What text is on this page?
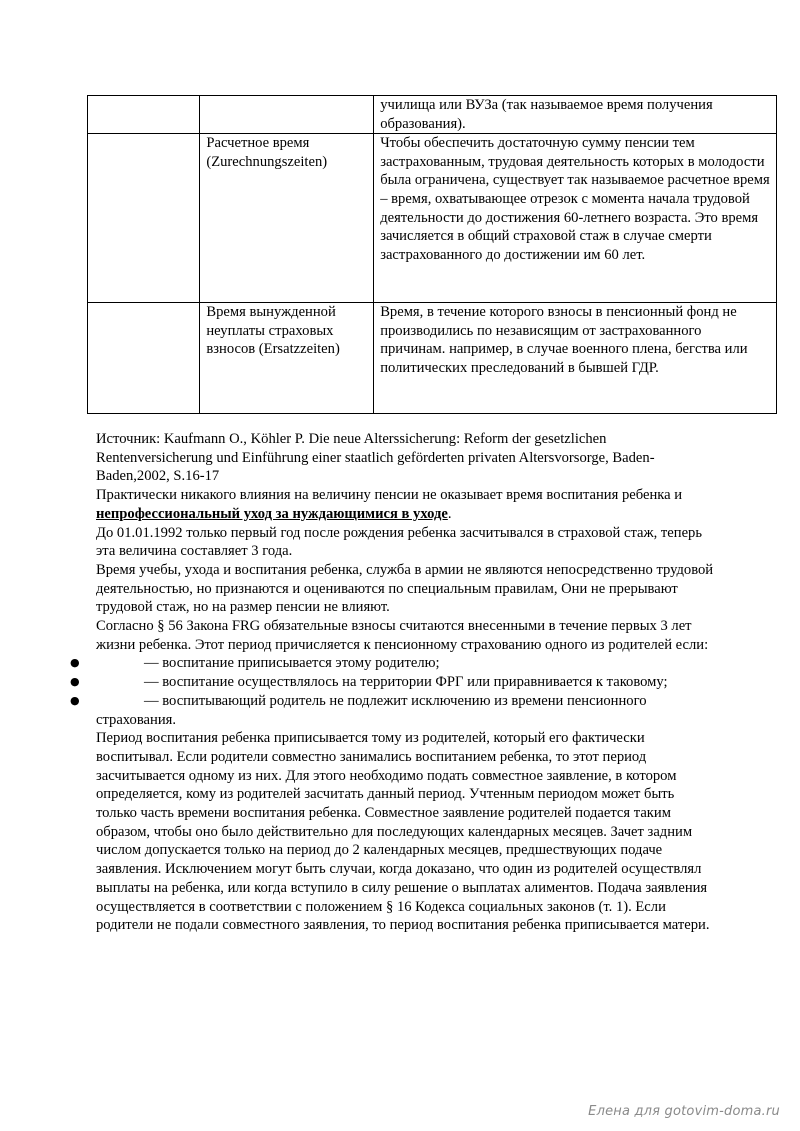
		училища или ВУЗа (так называемое время получения образования).
	Расчетное время (Zurechnungszeiten)	Чтобы обеспечить достаточную сумму пенсии тем застрахованным, трудовая деятельность которых в молодости была ограничена, существует так называемое расчетное время – время, охватывающее отрезок с момента начала трудовой деятельности до достижения 60-летнего возраста. Это время зачисляется в общий страховой стаж в случае смерти застрахованного до достижении им 60 лет.
	Время вынужденной неуплаты страховых взносов (Ersatzzeiten)	Время, в течение которого взносы в пенсионный фонд не производились по независящим от застрахованного причинам. например, в случае военного плена, бегства или политических преследований в бывшей ГДР.

Источник: Kaufmann O., Köhler P. Die neue Alterssicherung: Reform der gesetzlichen Rentenversicherung und Einführung einer staatlich geförderten privaten Altersvorsorge, Baden-Baden,2002, S.16-17

Практически никакого влияния на величину пенсии не оказывает время воспитания ребенка и непрофессиональный уход за нуждающимися в уходе.

До 01.01.1992 только первый год после рождения ребенка засчитывался в страховой стаж, теперь эта величина составляет 3 года.

Время учебы, ухода и воспитания ребенка, служба в армии не являются непосредственно трудовой деятельностью, но признаются и оцениваются по специальным правилам, Они не прерывают трудовой стаж, но на размер пенсии не влияют.

Согласно § 56 Закона FRG обязательные взносы считаются внесенными в течение первых 3 лет жизни ребенка. Этот период причисляется к пенсионному страхованию одного из родителей если:

●	— воспитание приписывается этому родителю;

●	— воспитание осуществлялось на территории ФРГ или приравнивается к таковому;

●	— воспитывающий родитель не подлежит исключению из времени пенсионного страхования.

Период воспитания ребенка приписывается тому из родителей, который его фактически воспитывал. Если родители совместно занимались воспитанием ребенка, то этот период засчитывается одному из них. Для этого необходимо подать совместное заявление, в котором определяется, кому из родителей засчитать данный период. Учтенным периодом может быть только часть времени воспитания ребенка. Совместное заявление родителей подается таким образом, чтобы оно было действительно для последующих календарных месяцев. Зачет задним числом допускается только на период до 2 календарных месяцев, предшествующих подаче заявления. Исключением могут быть случаи, когда доказано, что один из родителей осуществлял выплаты на ребенка, или когда вступило в силу решение о выплатах алиментов. Подача заявления осуществляется в соответствии с положением § 16 Кодекса социальных законов (т. 1). Если родители не подали совместного заявления, то период воспитания ребенка приписывается матери.

Елена для gotovim-doma.ru
